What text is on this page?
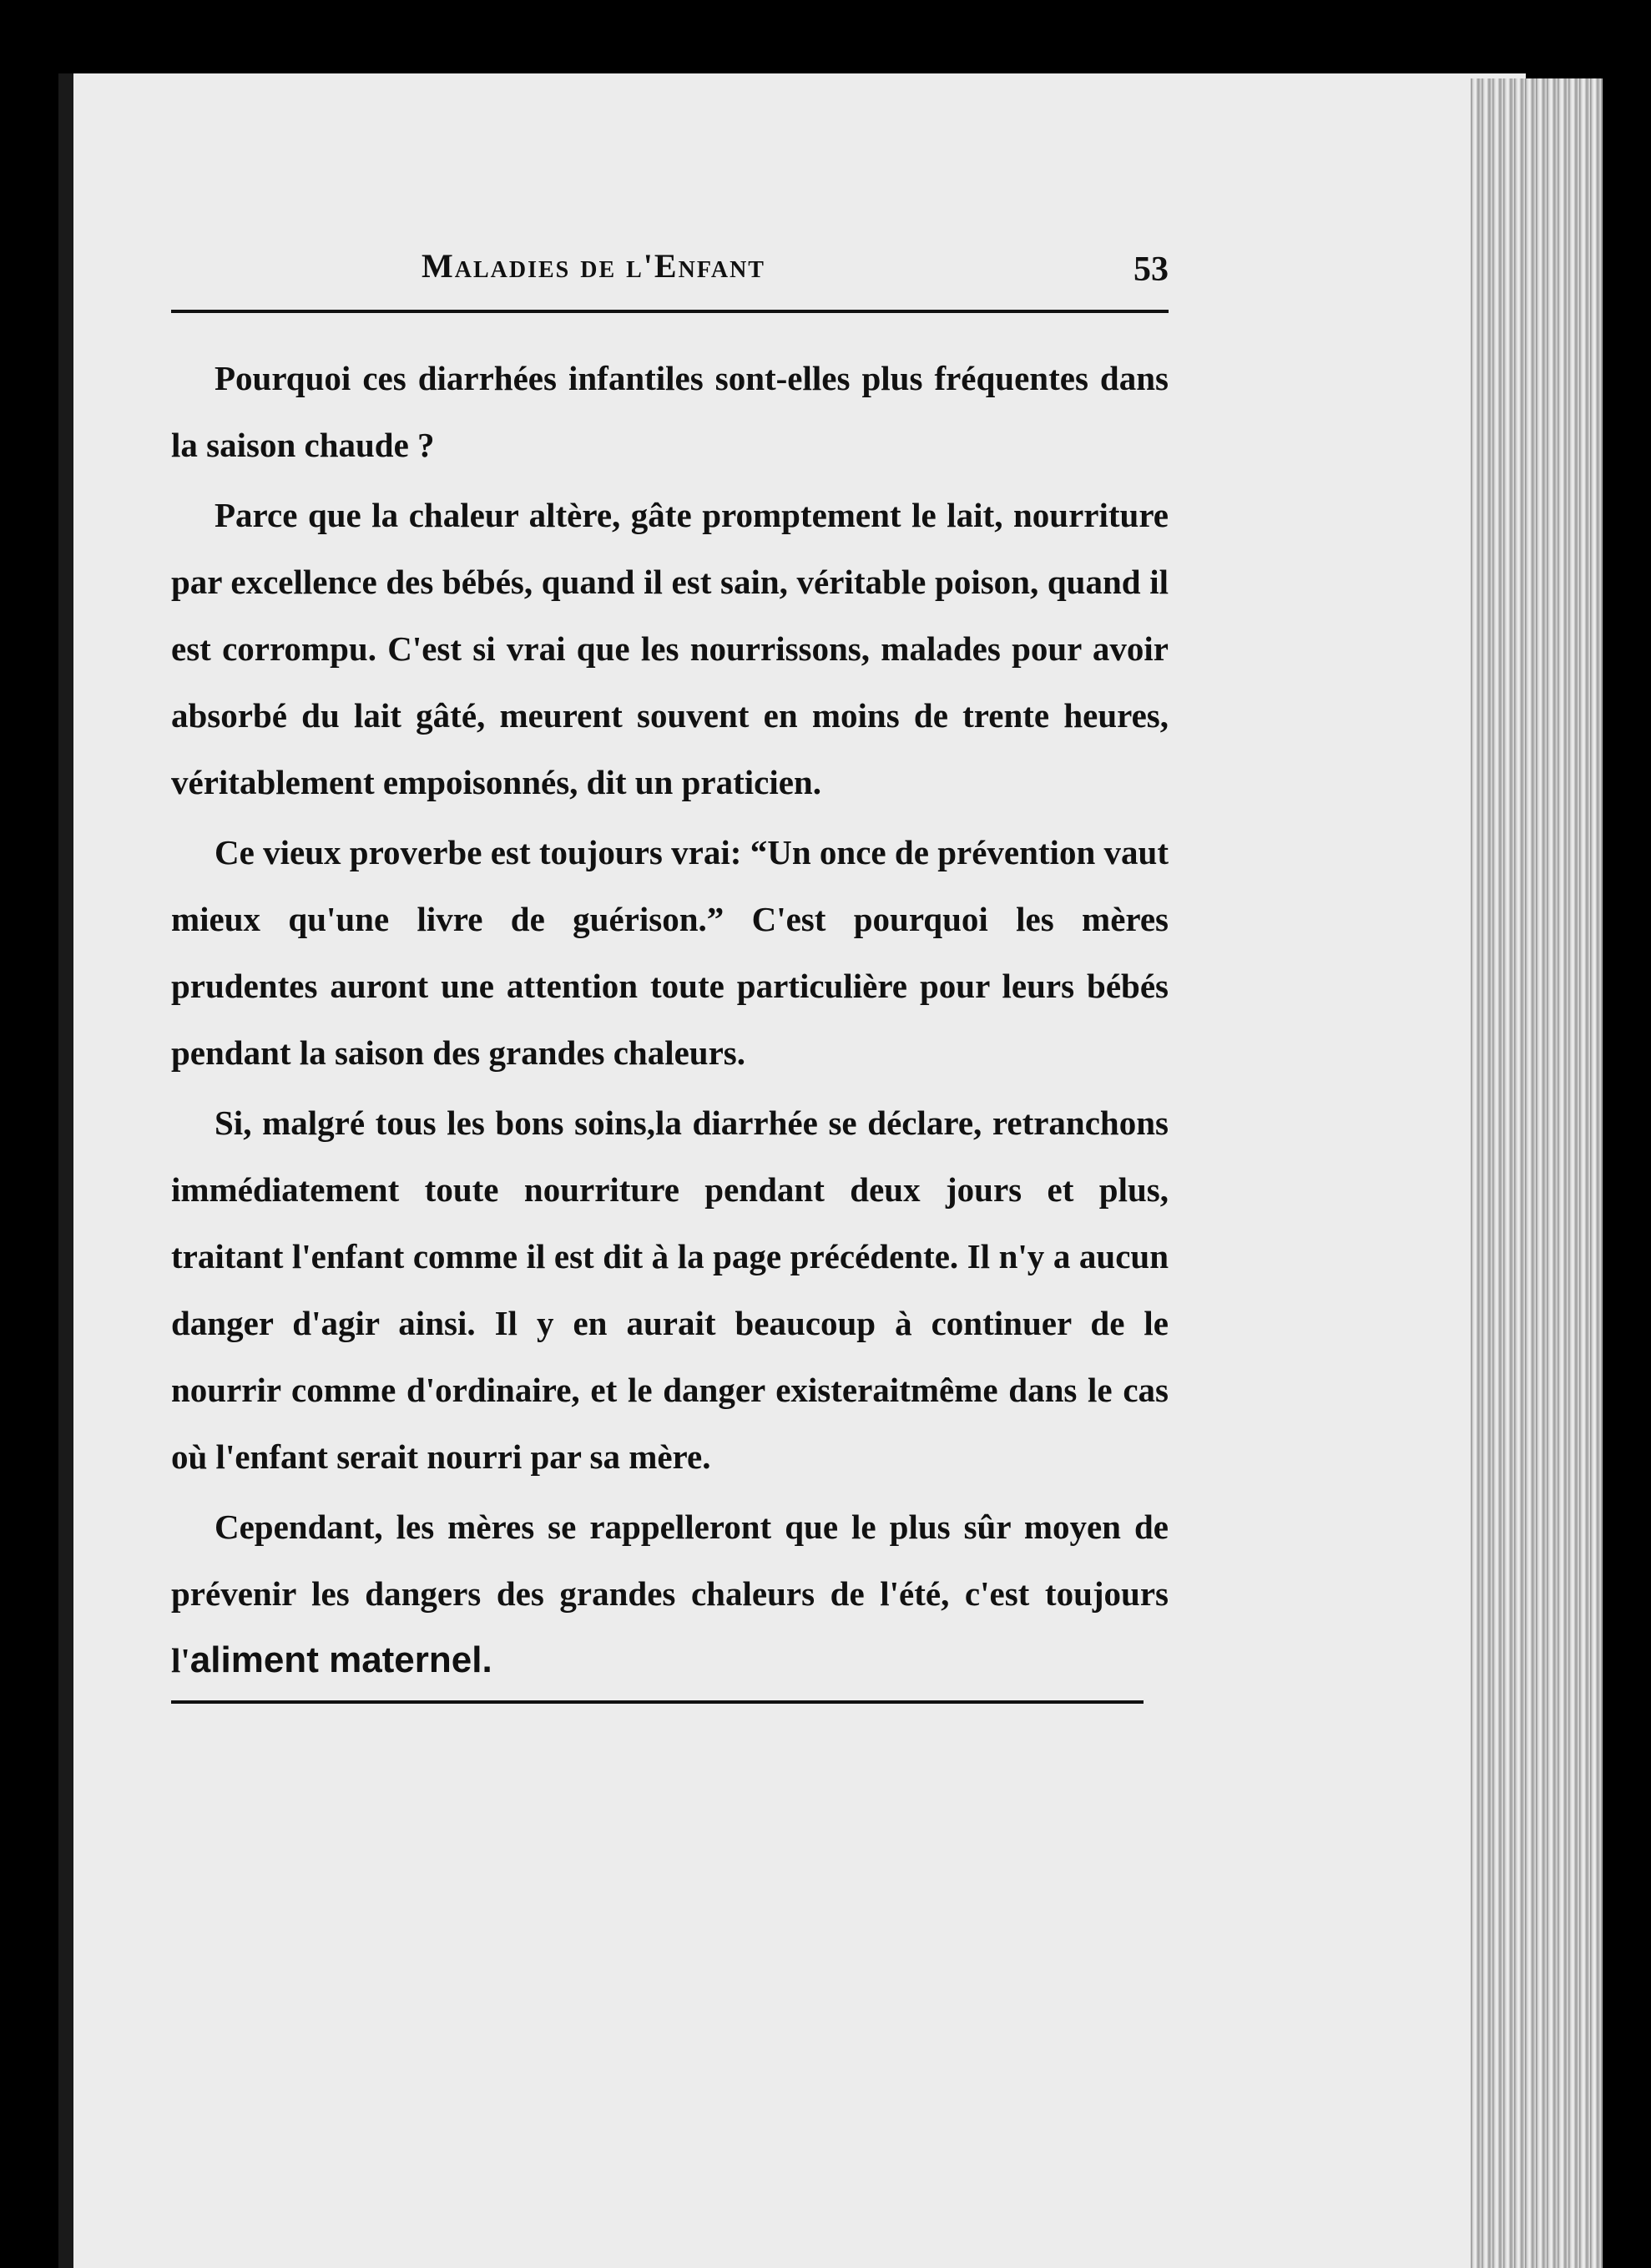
Maladies de l'Enfant	53

Pourquoi ces diarrhées infantiles sont-elles plus fréquentes dans la saison chaude ?

Parce que la chaleur altère, gâte promptement le lait, nourriture par excellence des bébés, quand il est sain, véritable poison, quand il est corrompu. C'est si vrai que les nourrissons, malades pour avoir absorbé du lait gâté, meurent souvent en moins de trente heures, véritablement empoisonnés, dit un praticien.

Ce vieux proverbe est toujours vrai: “Un once de prévention vaut mieux qu'une livre de guérison.” C'est pourquoi les mères prudentes auront une attention toute particulière pour leurs bébés pendant la saison des grandes chaleurs.

Si, malgré tous les bons soins,la diarrhée se déclare, retranchons immédiatement toute nourriture pendant deux jours et plus, traitant l'enfant comme il est dit à la page précédente. Il n'y a aucun danger d'agir ainsi. Il y en aurait beaucoup à continuer de le nourrir comme d'ordinaire, et le danger existeraitmême dans le cas où l'enfant serait nourri par sa mère.

Cependant, les mères se rappelleront que le plus sûr moyen de prévenir les dangers des grandes chaleurs de l'été, c'est toujours l'aliment maternel.
